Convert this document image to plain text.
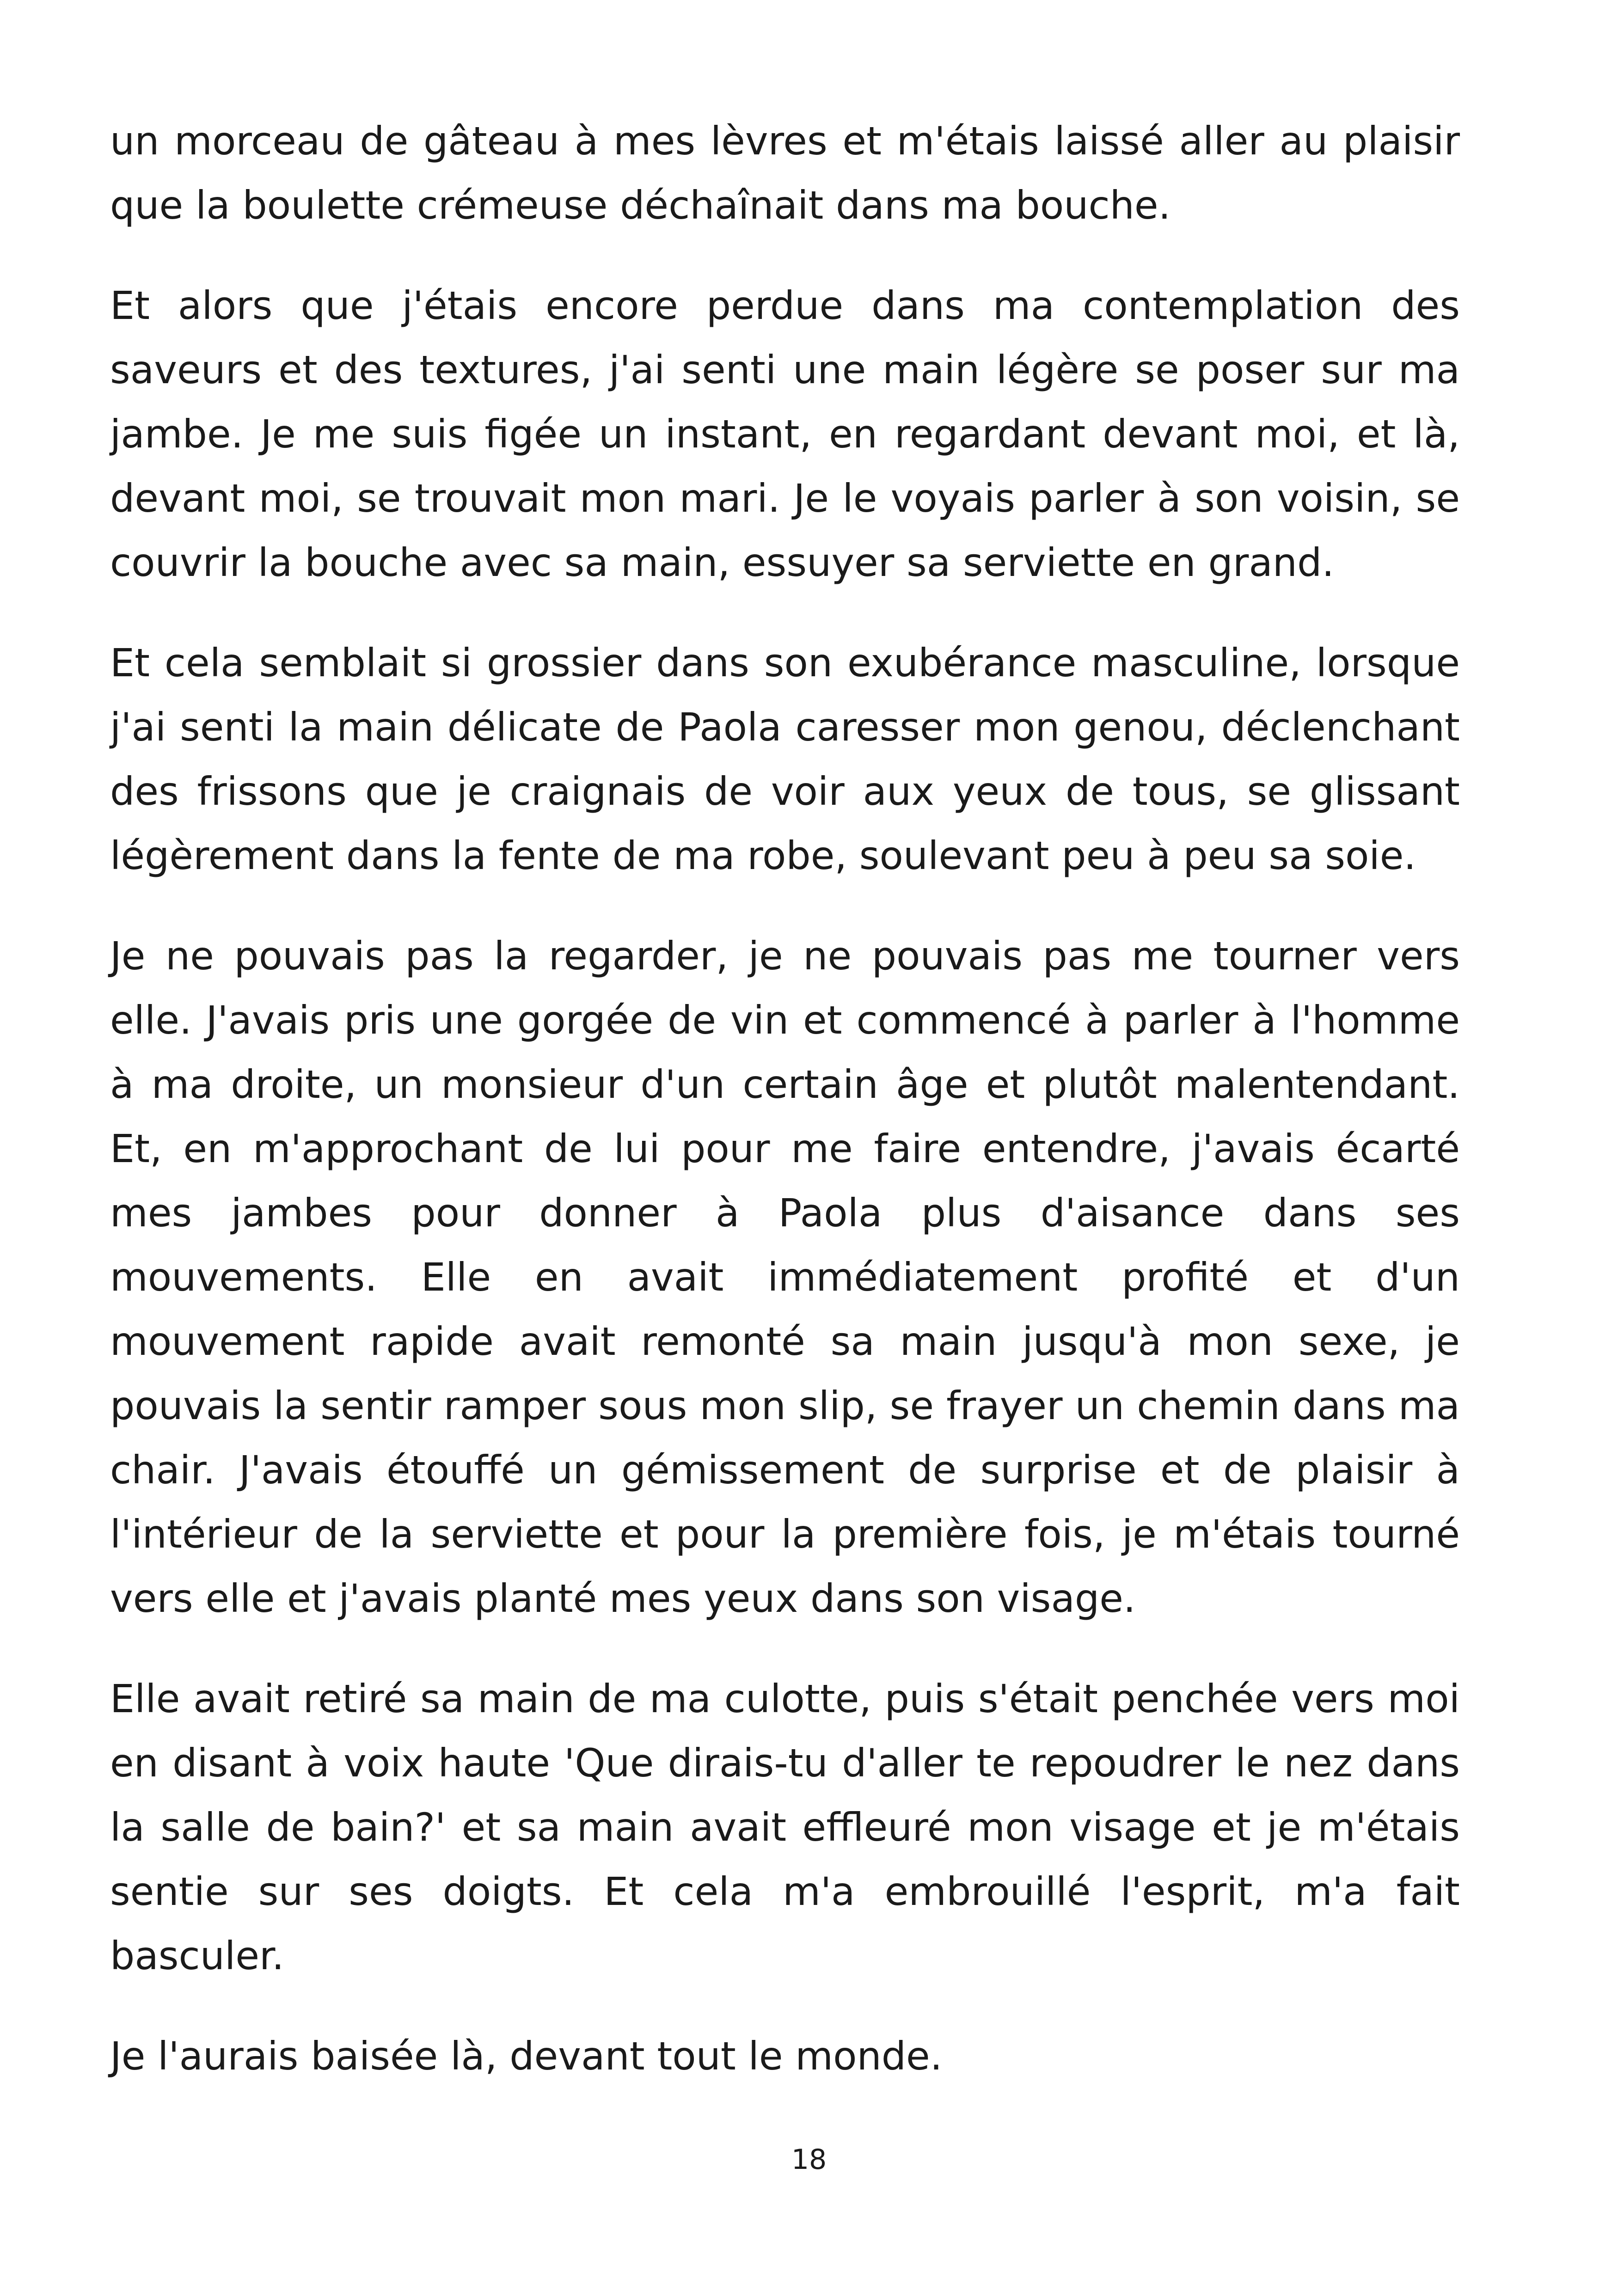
un morceau de gâteau à mes lèvres et m'étais laissé aller au plaisir que la boulette crémeuse déchaînait dans ma bouche.

Et alors que j'étais encore perdue dans ma contemplation des saveurs et des textures, j'ai senti une main légère se poser sur ma jambe. Je me suis figée un instant, en regardant devant moi, et là, devant moi, se trouvait mon mari. Je le voyais parler à son voisin, se couvrir la bouche avec sa main, essuyer sa serviette en grand.

Et cela semblait si grossier dans son exubérance masculine, lorsque j'ai senti la main délicate de Paola caresser mon genou, déclenchant des frissons que je craignais de voir aux yeux de tous, se glissant légèrement dans la fente de ma robe, soulevant peu à peu sa soie.

Je ne pouvais pas la regarder, je ne pouvais pas me tourner vers elle. J'avais pris une gorgée de vin et commencé à parler à l'homme à ma droite, un monsieur d'un certain âge et plutôt malentendant. Et, en m'approchant de lui pour me faire entendre, j'avais écarté mes jambes pour donner à Paola plus d'aisance dans ses mouvements. Elle en avait immédiatement profité et d'un mouvement rapide avait remonté sa main jusqu'à mon sexe, je pouvais la sentir ramper sous mon slip, se frayer un chemin dans ma chair. J'avais étouffé un gémissement de surprise et de plaisir à l'intérieur de la serviette et pour la première fois, je m'étais tourné vers elle et j'avais planté mes yeux dans son visage.

Elle avait retiré sa main de ma culotte, puis s'était penchée vers moi en disant à voix haute 'Que dirais-tu d'aller te repoudrer le nez dans la salle de bain?' et sa main avait effleuré mon visage et je m'étais sentie sur ses doigts. Et cela m'a embrouillé l'esprit, m'a fait basculer.

Je l'aurais baisée là, devant tout le monde.

18
